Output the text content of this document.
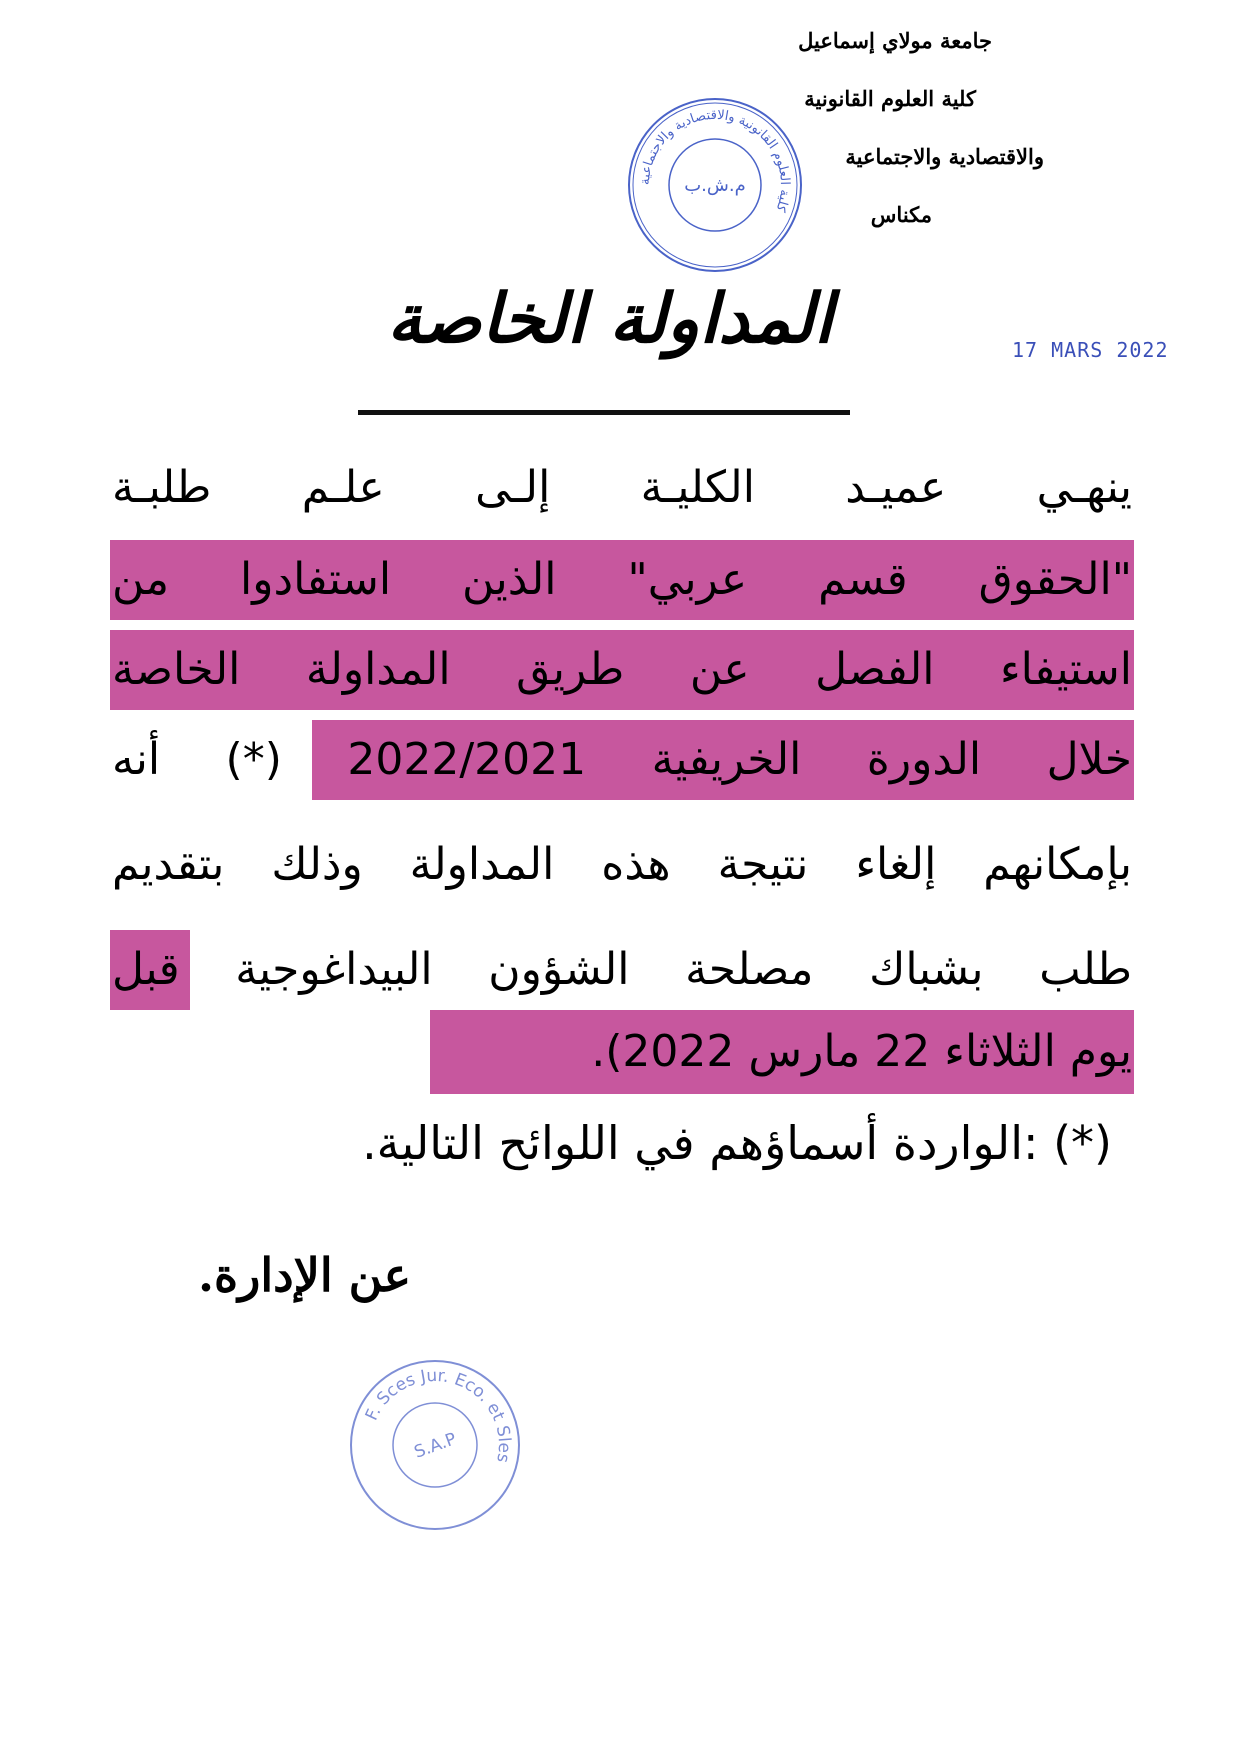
جامعة مولاي إسماعيل
كلية العلوم القانونية
والاقتصادية والاجتماعية
مكناس
كلية العلوم القانونية والاقتصادية والاجتماعية
م.ش.ب
المداولة الخاصة	17 MARS 2022
ينهـي عميـد الكليـة إلـى علـم طلبـة
"الحقوق قسم عربي" الذين استفادوا من
استيفاء الفصل عن طريق المداولة الخاصة
خلال الدورة الخريفية 2022/2021 (*) أنه
بإمكانهم إلغاء نتيجة هذه المداولة وذلك بتقديم
طلب بشباك مصلحة الشؤون البيداغوجية قبل
يوم الثلاثاء 22 مارس 2022).
(*) :الواردة أسماؤهم في اللوائح التالية.
عن الإدارة.
F. Sces Jur. Eco. et Sles
S.A.P
